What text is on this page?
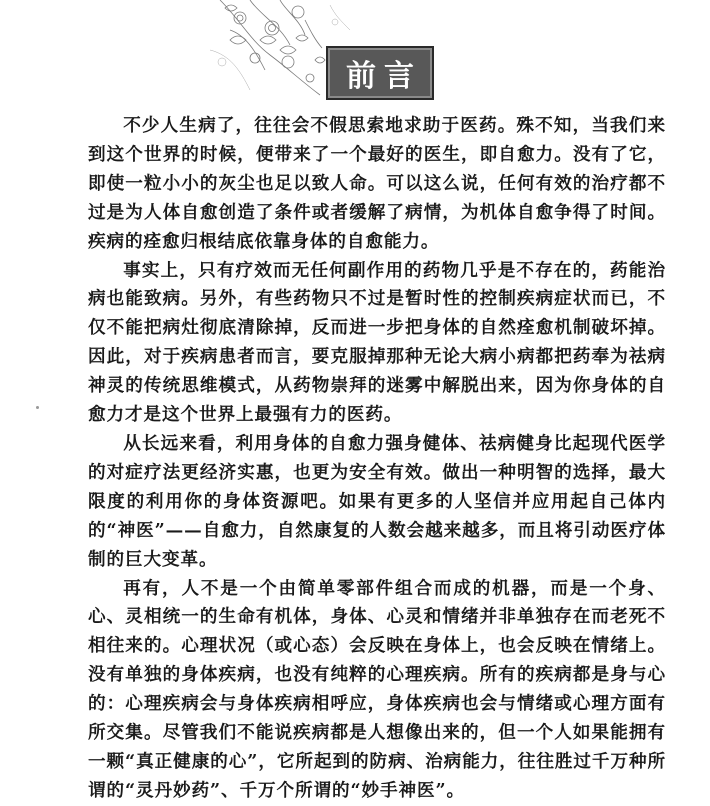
前言

不少人生病了，往往会不假思索地求助于医药。殊不知，当我们来到这个世界的时候，便带来了一个最好的医生，即自愈力。没有了它，即使一粒小小的灰尘也足以致人命。可以这么说，任何有效的治疗都不过是为人体自愈创造了条件或者缓解了病情，为机体自愈争得了时间。疾病的痊愈归根结底依靠身体的自愈能力。

事实上，只有疗效而无任何副作用的药物几乎是不存在的，药能治病也能致病。另外，有些药物只不过是暂时性的控制疾病症状而已，不仅不能把病灶彻底清除掉，反而进一步把身体的自然痊愈机制破坏掉。因此，对于疾病患者而言，要克服掉那种无论大病小病都把药奉为祛病神灵的传统思维模式，从药物崇拜的迷雾中解脱出来，因为你身体的自愈力才是这个世界上最强有力的医药。

从长远来看，利用身体的自愈力强身健体、祛病健身比起现代医学的对症疗法更经济实惠，也更为安全有效。做出一种明智的选择，最大限度的利用你的身体资源吧。如果有更多的人坚信并应用起自己体内的“神医”——自愈力，自然康复的人数会越来越多，而且将引动医疗体制的巨大变革。

再有，人不是一个由简单零部件组合而成的机器，而是一个身、心、灵相统一的生命有机体，身体、心灵和情绪并非单独存在而老死不相往来的。心理状况（或心态）会反映在身体上，也会反映在情绪上。没有单独的身体疾病，也没有纯粹的心理疾病。所有的疾病都是身与心的：心理疾病会与身体疾病相呼应，身体疾病也会与情绪或心理方面有所交集。尽管我们不能说疾病都是人想像出来的，但一个人如果能拥有一颗“真正健康的心”，它所起到的防病、治病能力，往往胜过千万种所谓的“灵丹妙药”、千万个所谓的“妙手神医”。
